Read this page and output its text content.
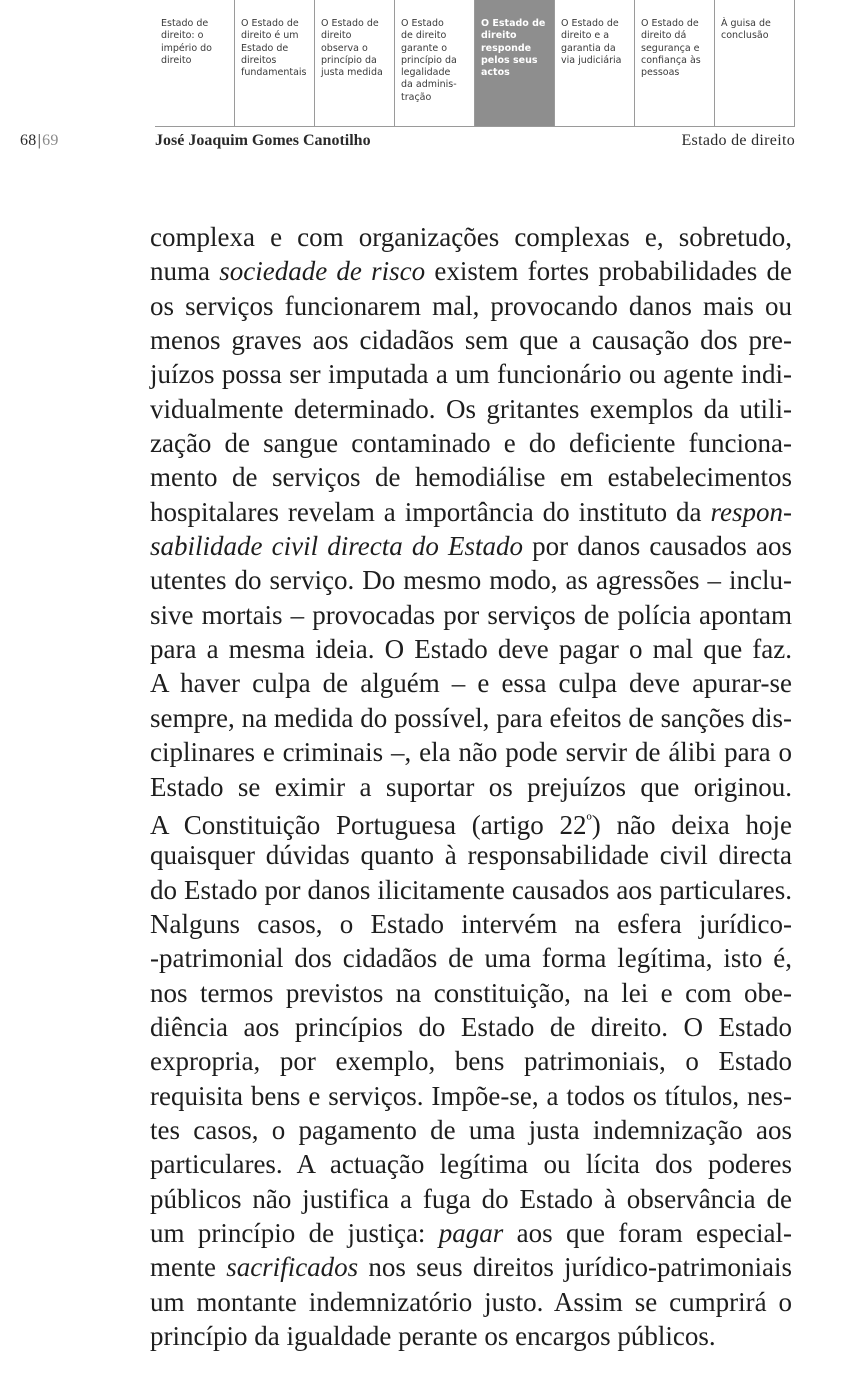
Estado de
direito: o
império do
direito
O Estado de
direito é um
Estado de
direitos
fundamentais
O Estado de
direito
observa o
princípio da
justa medida
O Estado
de direito
garante o
princípio da
legalidade
da adminis-
tração
O Estado de
direito
responde
pelos seus
actos
O Estado de
direito e a
garantia da
via judiciária
O Estado de
direito dá
segurança e
confiança às
pessoas
À guisa de
conclusão
68|69	José Joaquim Gomes Canotilho	Estado de direito
complexa e com organizações complexas e, sobretudo,
numa sociedade de risco existem fortes probabilidades de
os serviços funcionarem mal, provocando danos mais ou
menos graves aos cidadãos sem que a causação dos pre-
juízos possa ser imputada a um funcionário ou agente indi-
vidualmente determinado. Os gritantes exemplos da utili-
zação de sangue contaminado e do deficiente funciona-
mento de serviços de hemodiálise em estabelecimentos
hospitalares revelam a importância do instituto da respon-
sabilidade civil directa do Estado por danos causados aos
utentes do serviço. Do mesmo modo, as agressões – inclu-
sive mortais – provocadas por serviços de polícia apontam
para a mesma ideia. O Estado deve pagar o mal que faz.
A haver culpa de alguém – e essa culpa deve apurar-se
sempre, na medida do possível, para efeitos de sanções dis-
ciplinares e criminais –, ela não pode servir de álibi para o
Estado se eximir a suportar os prejuízos que originou.
A Constituição Portuguesa (artigo $22^º$) não deixa hoje
quaisquer dúvidas quanto à responsabilidade civil directa
do Estado por danos ilicitamente causados aos particulares.
Nalguns casos, o Estado intervém na esfera jurídico-
-patrimonial dos cidadãos de uma forma legítima, isto é,
nos termos previstos na constituição, na lei e com obe-
diência aos princípios do Estado de direito. O Estado
expropria, por exemplo, bens patrimoniais, o Estado
requisita bens e serviços. Impõe-se, a todos os títulos, nes-
tes casos, o pagamento de uma justa indemnização aos
particulares. A actuação legítima ou lícita dos poderes
públicos não justifica a fuga do Estado à observância de
um princípio de justiça: pagar aos que foram especial-
mente sacrificados nos seus direitos jurídico-patrimoniais
um montante indemnizatório justo. Assim se cumprirá o
princípio da igualdade perante os encargos públicos.
